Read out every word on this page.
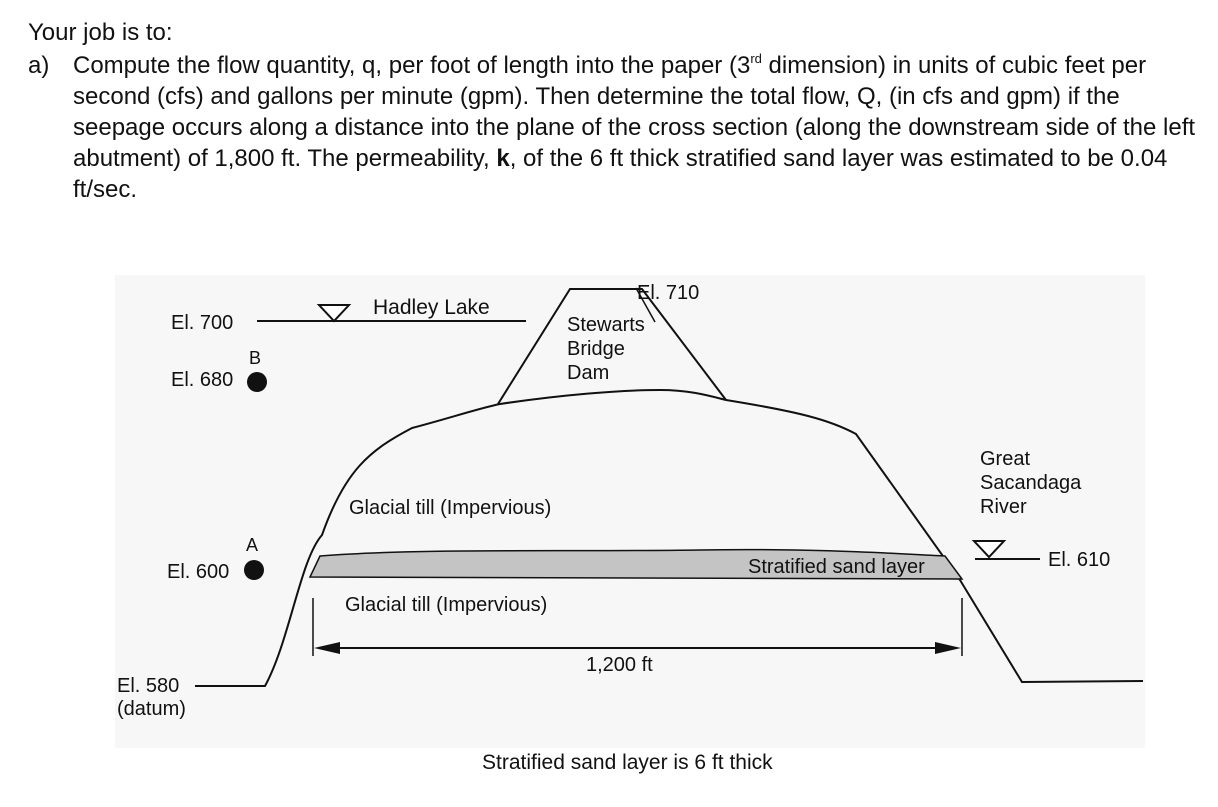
Your job is to:
a) Compute the flow quantity, q, per foot of length into the paper (3rd dimension) in units of cubic feet per second (cfs) and gallons per minute (gpm). Then determine the total flow, Q, (in cfs and gpm) if the seepage occurs along a distance into the plane of the cross section (along the downstream side of the left abutment) of 1,800 ft. The permeability, k, of the 6 ft thick stratified sand layer was estimated to be 0.04 ft/sec.
El. 710
Hadley Lake
Stewarts
Bridge
Dam
El. 700
B
El. 680
Glacial till (Impervious)
Great
Sacandaga
River
A
El. 600	Stratified sand layer	El. 610
Glacial till (Impervious)
1,200 ft
El. 580
(datum)
Stratified sand layer is 6 ft thick
